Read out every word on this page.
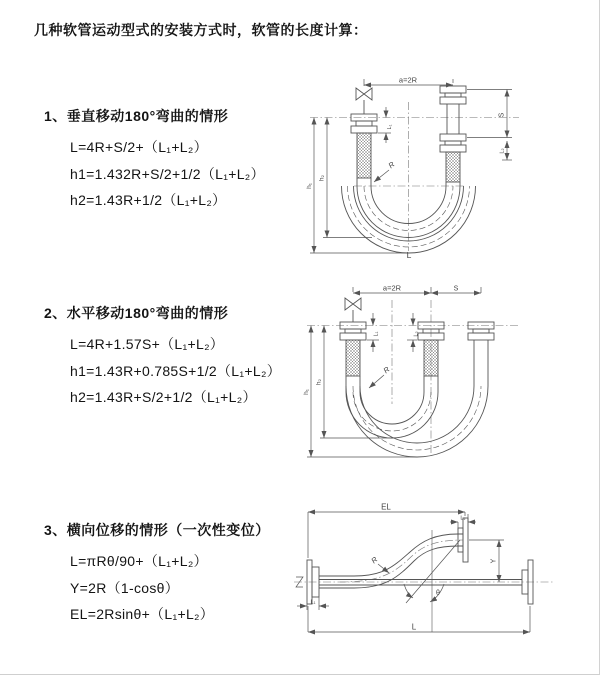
几种软管运动型式的安装方式时，软管的长度计算：
1、垂直移动180°弯曲的情形
L=4R+S/2+（L₁+L₂）
h1=1.432R+S/2+1/2（L₁+L₂）
h2=1.43R+1/2（L₁+L₂）
a=2R
S
L₂
L₁
h₂
h₁
R
L
2、水平移动180°弯曲的情形
L=4R+1.57S+（L₁+L₂）
h1=1.43R+0.785S+1/2（L₁+L₂）
h2=1.43R+S/2+1/2（L₁+L₂）
a=2R	S
h₂
h₁
L₁	L₂
R
3、横向位移的情形（一次性变位）
L=πRθ/90+（L₁+L₂）
Y=2R（1-cosθ）
EL=2Rsinθ+（L₁+L₂）
EL
L₂
Y
L
L₁
R
θ
